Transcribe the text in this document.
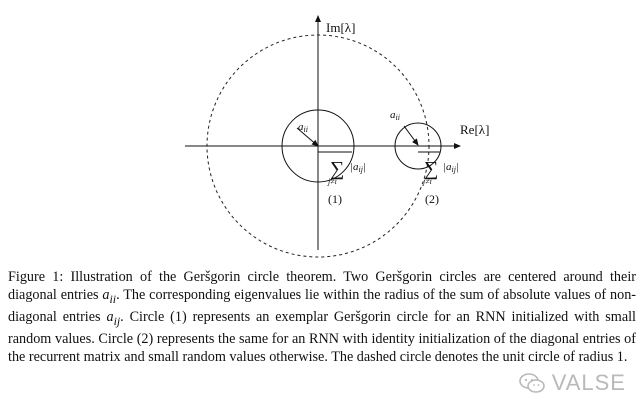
Im[λ]
Re[λ]
aii
∑
j≠i
|aij|
(1)
aii
∑
j≠i
|aij|
(2)
Figure 1: Illustration of the Geršgorin circle theorem. Two Geršgorin circles are centered around their diagonal entries $a_{ii}$. The corresponding eigenvalues lie within the radius of the sum of absolute values of non-diagonal entries $a_{ij}$. Circle (1) represents an exemplar Geršgorin circle for an RNN initialized with small random values. Circle (2) represents the same for an RNN with identity initialization of the diagonal entries of the recurrent matrix and small random values otherwise. The dashed circle denotes the unit circle of radius 1.
VALSE
